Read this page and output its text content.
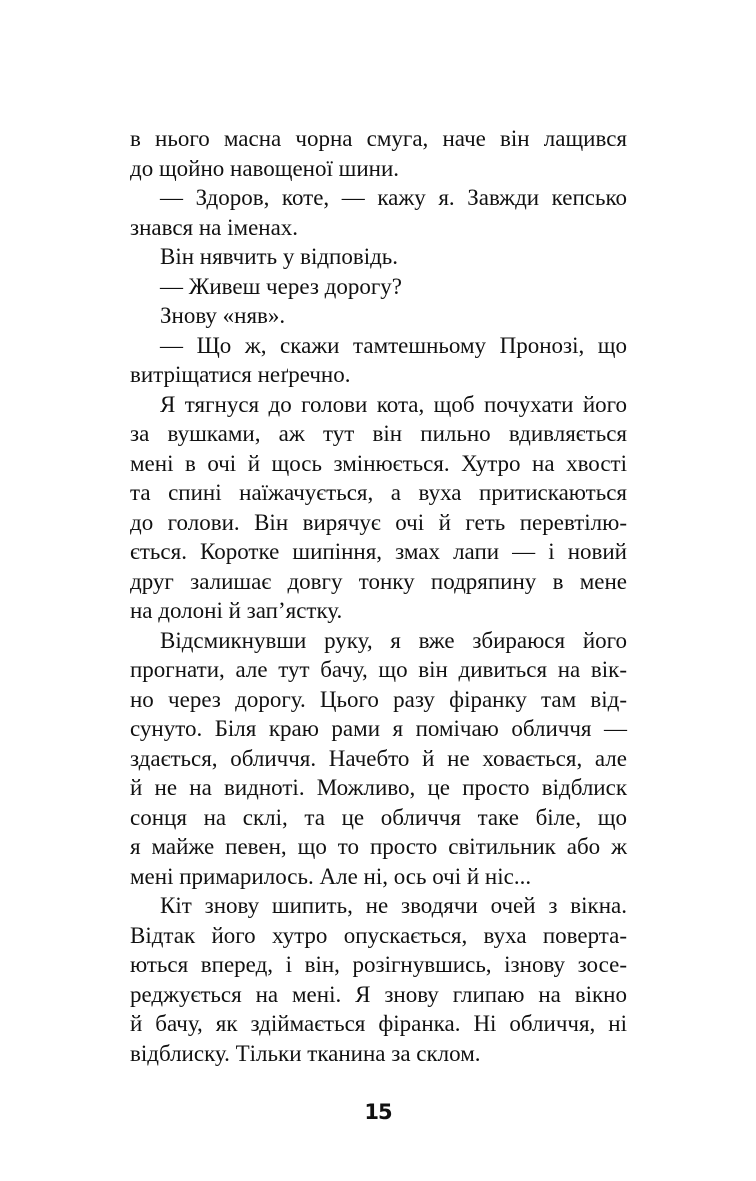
в нього масна чорна смуга, наче він лащився
до щойно навощеної шини.
— Здоров, коте, — кажу я. Завжди кепсько
знався на іменах.
Він нявчить у відповідь.
— Живеш через дорогу?
Знову «няв».
— Що ж, скажи тамтешньому Пронозі, що
витріщатися неґречно.
Я тягнуся до голови кота, щоб почухати його
за вушками, аж тут він пильно вдивляється
мені в очі й щось змінюється. Хутро на хвості
та спині наїжачується, а вуха притискаються
до голови. Він вирячує очі й геть перевтілю-
ється. Коротке шипіння, змах лапи — і новий
друг залишає довгу тонку подряпину в мене
на долоні й зап’ястку.
Відсмикнувши руку, я вже збираюся його
прогнати, але тут бачу, що він дивиться на вік-
но через дорогу. Цього разу фіранку там від-
сунуто. Біля краю рами я помічаю обличчя —
здається, обличчя. Начебто й не ховається, але
й не на видноті. Можливо, це просто відблиск
сонця на склі, та це обличчя таке біле, що
я майже певен, що то просто світильник або ж
мені примарилось. Але ні, ось очі й ніс...
Кіт знову шипить, не зводячи очей з вікна.
Відтак його хутро опускається, вуха поверта-
ються вперед, і він, розігнувшись, ізнову зосе-
реджується на мені. Я знову глипаю на вікно
й бачу, як здіймається фіранка. Ні обличчя, ні
відблиску. Тільки тканина за склом.
15
